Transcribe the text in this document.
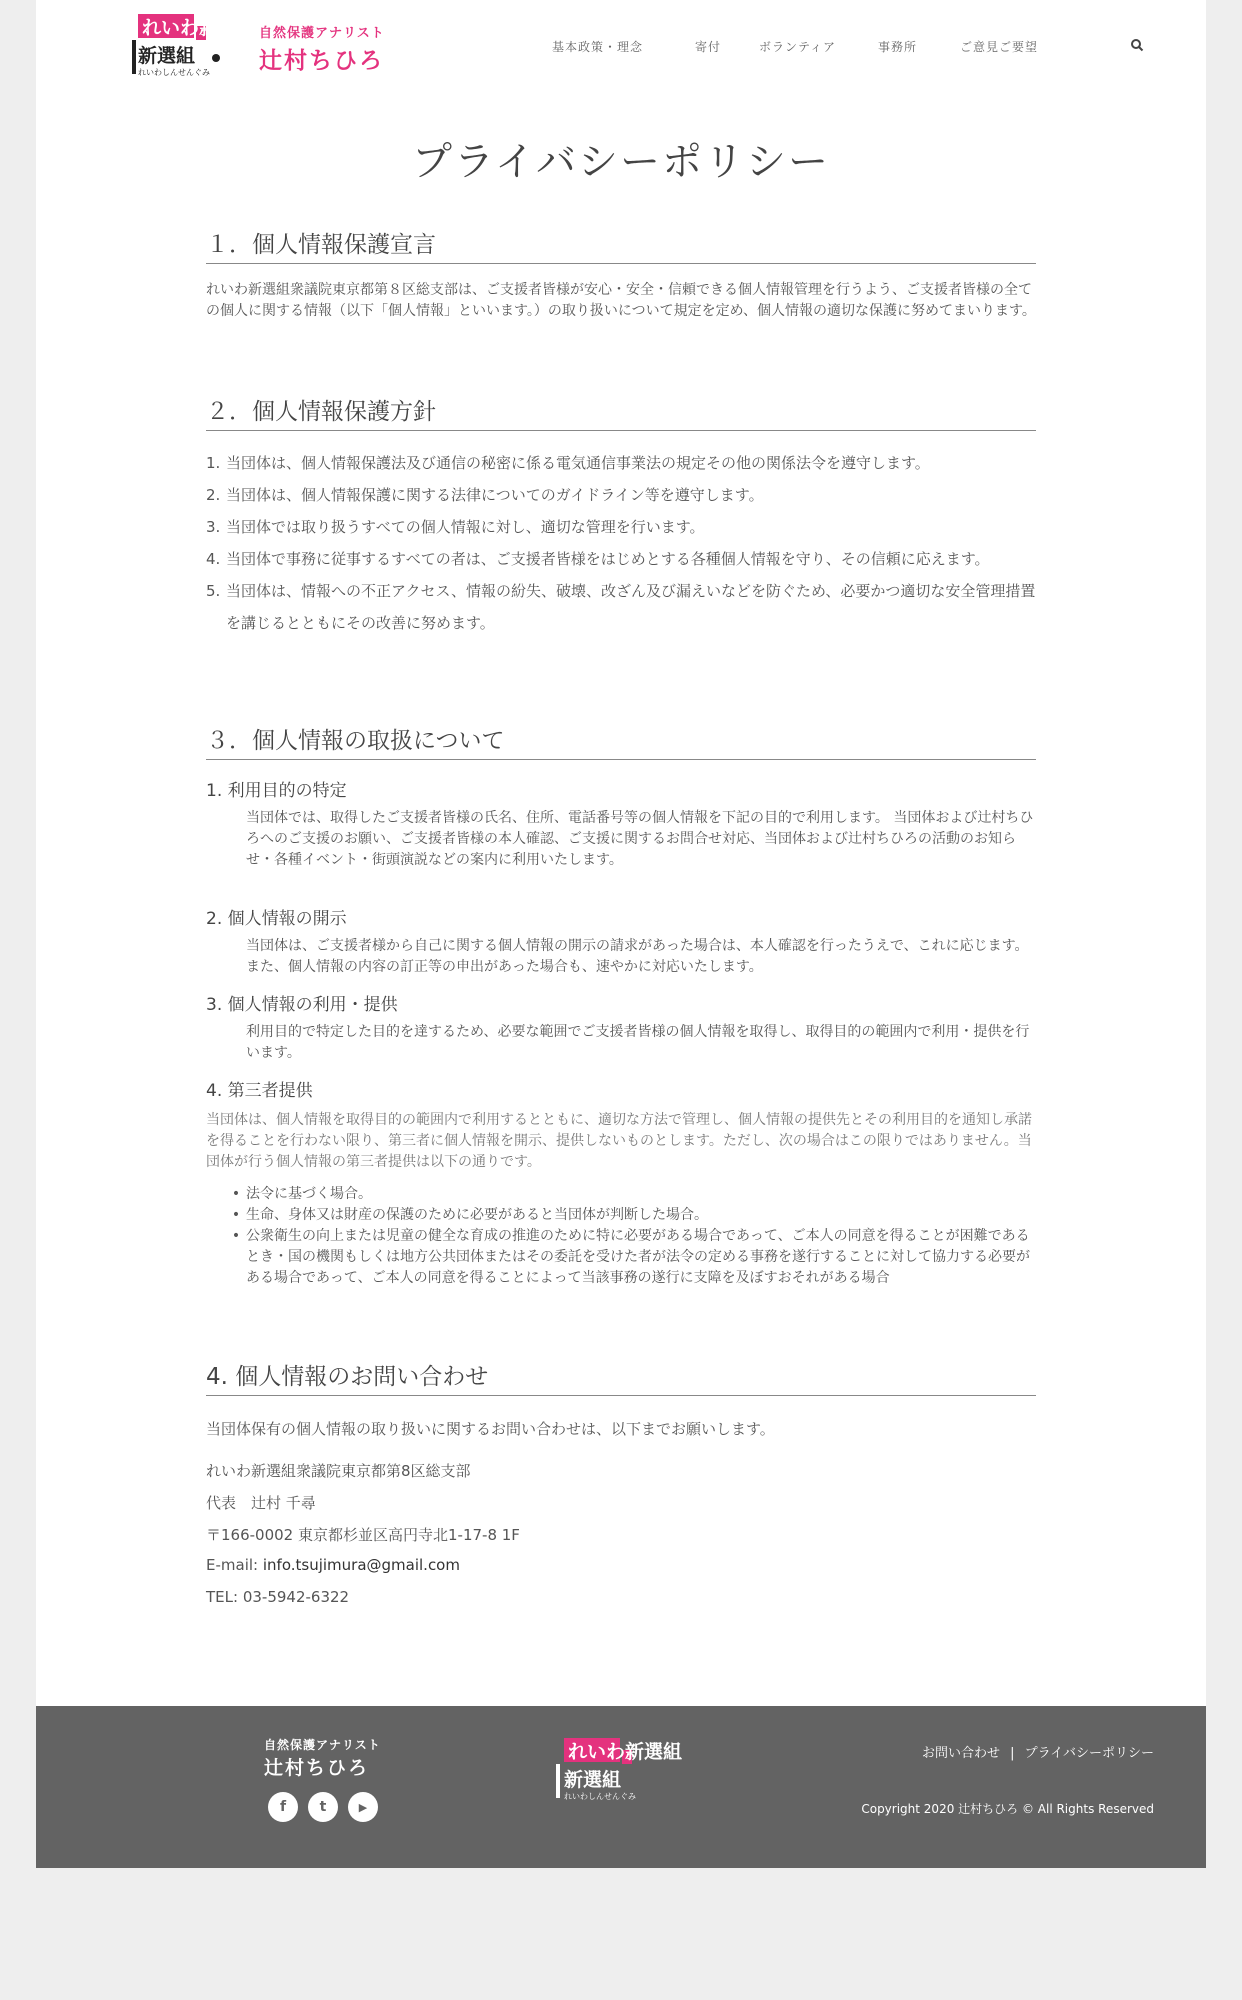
れいわ新選組
新選組
れいわしんせんぐみ
自然保護アナリスト
辻村ちひろ
基本政策・理念	寄付	ボランティア	事務所	ご意見ご要望
プライバシーポリシー
１．個人情報保護宣言

れいわ新選組衆議院東京都第８区総支部は、ご支援者皆様が安心・安全・信頼できる個人情報管理を行うよう、ご支援者皆様の全ての個人に関する情報（以下「個人情報」といいます。）の取り扱いについて規定を定め、個人情報の適切な保護に努めてまいります。

２．個人情報保護方針
1. 当団体は、個人情報保護法及び通信の秘密に係る電気通信事業法の規定その他の関係法令を遵守します。
2. 当団体は、個人情報保護に関する法律についてのガイドライン等を遵守します。
3. 当団体では取り扱うすべての個人情報に対し、適切な管理を行います。
4. 当団体で事務に従事するすべての者は、ご支援者皆様をはじめとする各種個人情報を守り、その信頼に応えます。
5. 当団体は、情報への不正アクセス、情報の紛失、破壊、改ざん及び漏えいなどを防ぐため、必要かつ適切な安全管理措置を講じるとともにその改善に努めます。
３．個人情報の取扱について
1. 利用目的の特定

当団体では、取得したご支援者皆様の氏名、住所、電話番号等の個人情報を下記の目的で利用します。 当団体および辻村ちひろへのご支援のお願い、ご支援者皆様の本人確認、ご支援に関するお問合せ対応、当団体および辻村ちひろの活動のお知らせ・各種イベント・街頭演説などの案内に利用いたします。

2. 個人情報の開示

当団体は、ご支援者様から自己に関する個人情報の開示の請求があった場合は、本人確認を行ったうえで、これに応じます。また、個人情報の内容の訂正等の申出があった場合も、速やかに対応いたします。

3. 個人情報の利用・提供

利用目的で特定した目的を達するため、必要な範囲でご支援者皆様の個人情報を取得し、取得目的の範囲内で利用・提供を行います。

4. 第三者提供

当団体は、個人情報を取得目的の範囲内で利用するとともに、適切な方法で管理し、個人情報の提供先とその利用目的を通知し承諾を得ることを行わない限り、第三者に個人情報を開示、提供しないものとします。ただし、次の場合はこの限りではありません。当団体が行う個人情報の第三者提供は以下の通りです。

• 法令に基づく場合。
• 生命、身体又は財産の保護のために必要があると当団体が判断した場合。
• 公衆衛生の向上または児童の健全な育成の推進のために特に必要がある場合であって、ご本人の同意を得ることが困難であるとき・国の機関もしくは地方公共団体またはその委託を受けた者が法令の定める事務を遂行することに対して協力する必要がある場合であって、ご本人の同意を得ることによって当該事務の遂行に支障を及ぼすおそれがある場合
4. 個人情報のお問い合わせ

当団体保有の個人情報の取り扱いに関するお問い合わせは、以下までお願いします。

れいわ新選組衆議院東京都第8区総支部

代表　辻村 千尋

〒166-0002 東京都杉並区高円寺北1-17-8 1F

E-mail: info.tsujimura@gmail.com

TEL: 03-5942-6322

自然保護アナリスト
辻村ちひろ
f	t	▶
れいわ新選組
新選組
れいわしんせんぐみ
お問い合わせ | プライバシーポリシー
Copyright 2020 辻村ちひろ © All Rights Reserved
